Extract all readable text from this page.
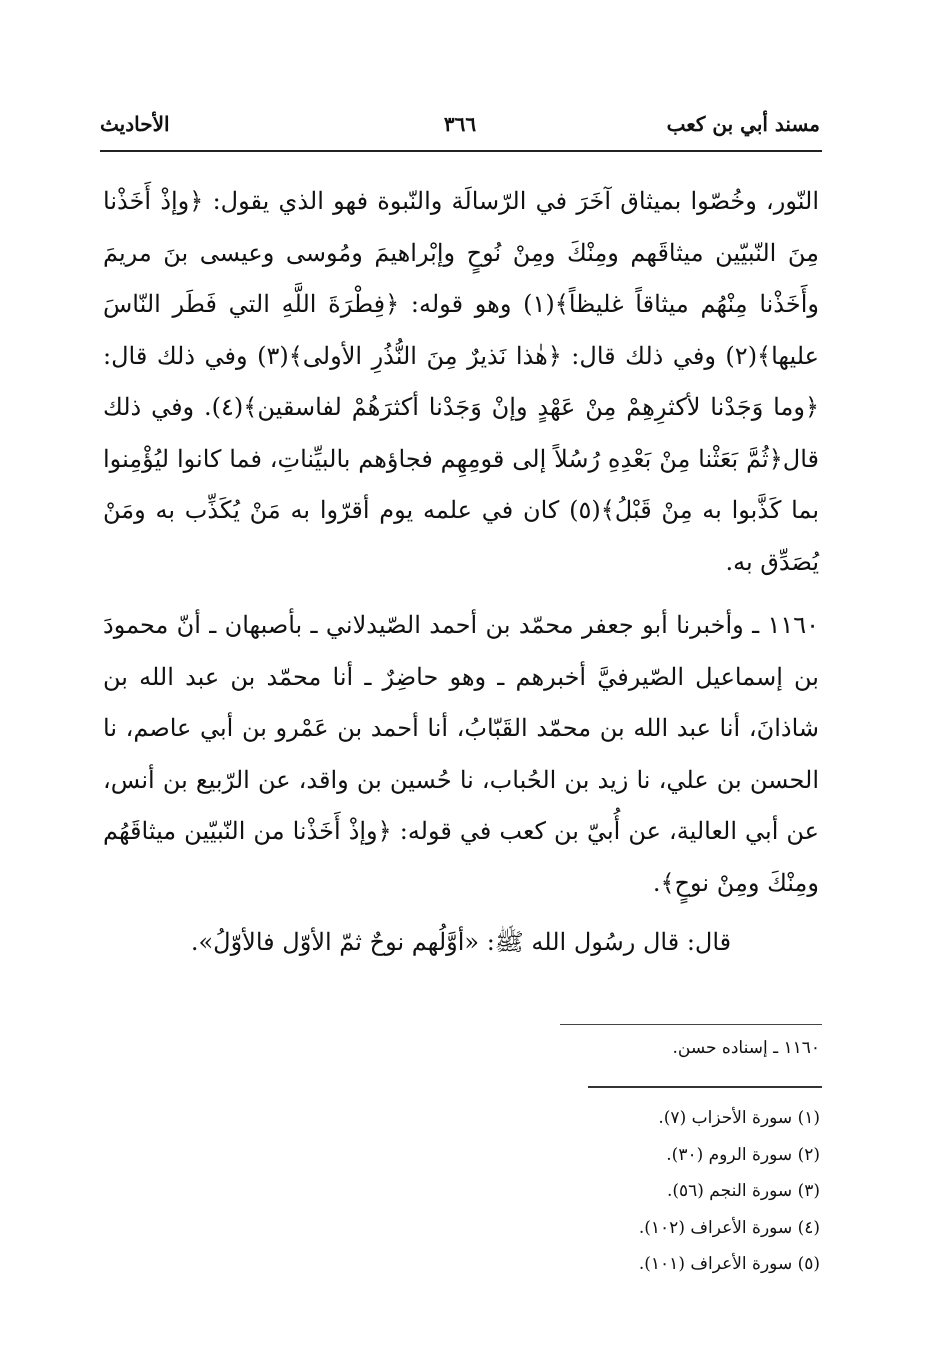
مسند أبي بن كعب
٣٦٦
الأحاديث

النّور، وخُصّوا بميثاق آخَرَ في الرّسالَة والنّبوة فهو الذي يقول: ﴿وإذْ أَخَذْنا مِنَ النّبيّين ميثاقَهم ومِنْكَ ومِنْ نُوحٍ وإبْراهيمَ ومُوسى وعيسى بنَ مريمَ وأَخَذْنا مِنْهُم ميثاقاً غليظاً﴾(١) وهو قوله: ﴿فِطْرَةَ اللَّهِ التي فَطَر النّاسَ عليها﴾(٢) وفي ذلك قال: ﴿هٰذا نَذيرٌ مِنَ النُّذُرِ الأولى﴾(٣) وفي ذلك قال: ﴿وما وَجَدْنا لأكثرِهِمْ مِنْ عَهْدٍ وإنْ وَجَدْنا أكثرَهُمْ لفاسقين﴾(٤). وفي ذلك قال﴿ثُمَّ بَعَثْنا مِنْ بَعْدِهِ رُسُلاً إلى قومِهِم فجاؤهم بالبيِّناتِ، فما كانوا ليُؤْمِنوا بما كَذَّبوا به مِنْ قَبْلُ﴾(٥) كان في علمه يوم أقرّوا به مَنْ يُكَذِّب به ومَنْ يُصَدِّق به.

١١٦٠ ـ وأخبرنا أبو جعفر محمّد بن أحمد الصّيدلاني ـ بأصبهان ـ أنّ محمودَ بن إسماعيل الصّيرفيَّ أخبرهم ـ وهو حاضِرٌ ـ أنا محمّد بن عبد الله بن شاذانَ، أنا عبد الله بن محمّد القَبّابُ، أنا أحمد بن عَمْرو بن أبي عاصم، نا الحسن بن علي، نا زيد بن الحُباب، نا حُسين بن واقد، عن الرّبيع بن أنس، عن أبي العالية، عن أُبيّ بن كعب في قوله: ﴿وإذْ أَخَذْنا من النّبيّين ميثاقَهُم ومِنْكَ ومِنْ نوحٍ﴾.

قال: قال رسُول الله ﷺ: «أوَّلُهم نوحٌ ثمّ الأوّل فالأوّلُ».

١١٦٠ ـ إسناده حسن.
(١) سورة الأحزاب (٧).
(٢) سورة الروم (٣٠).
(٣) سورة النجم (٥٦).
(٤) سورة الأعراف (١٠٢).
(٥) سورة الأعراف (١٠١).
